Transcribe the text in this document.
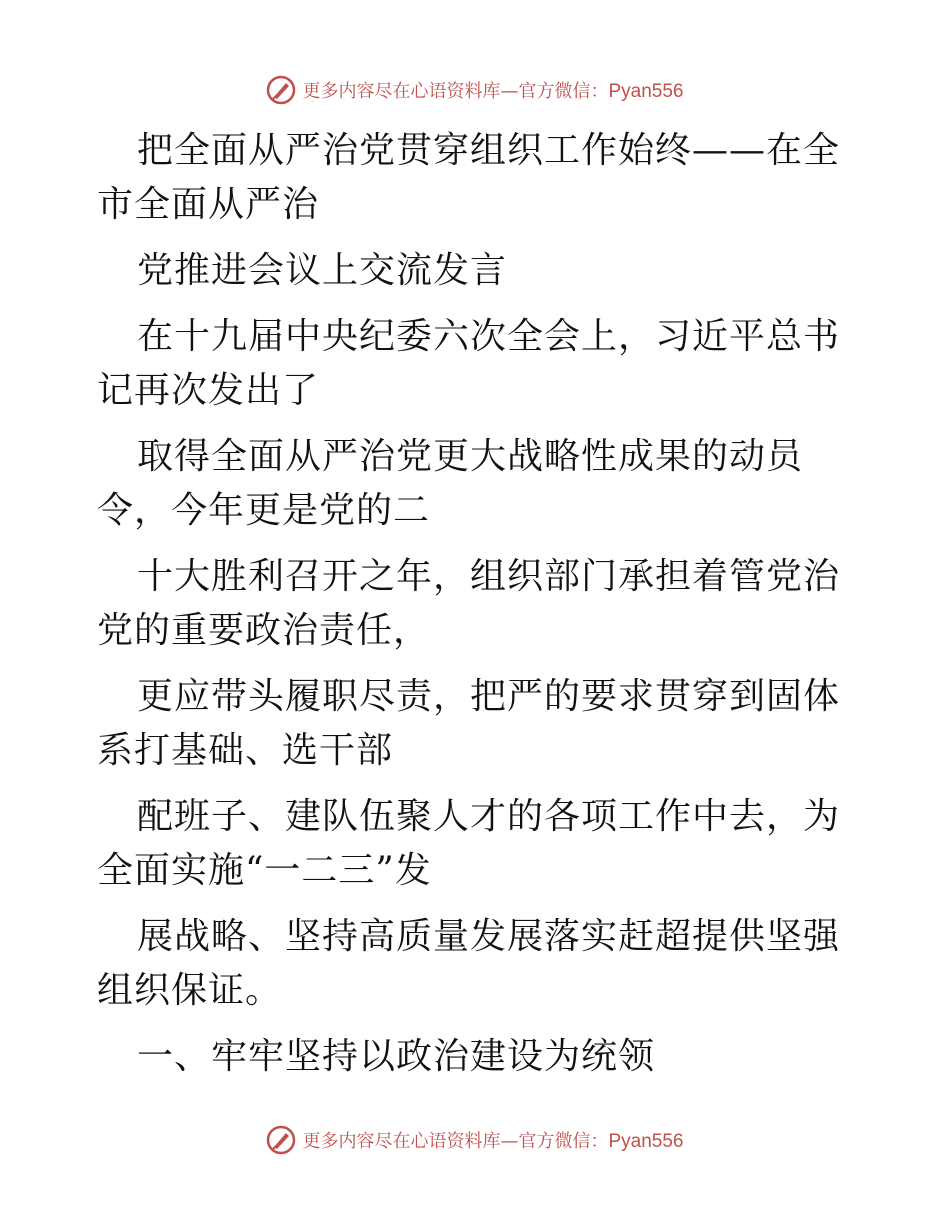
更多内容尽在心语资料库—官方微信：Pyan556

把全面从严治党贯穿组织工作始终——在全市全面从严治

党推进会议上交流发言

在十九届中央纪委六次全会上，习近平总书记再次发出了

取得全面从严治党更大战略性成果的动员令，今年更是党的二

十大胜利召开之年，组织部门承担着管党治党的重要政治责任，

更应带头履职尽责，把严的要求贯穿到固体系打基础、选干部

配班子、建队伍聚人才的各项工作中去，为全面实施“一二三”发

展战略、坚持高质量发展落实赶超提供坚强组织保证。

一、牢牢坚持以政治建设为统领

更多内容尽在心语资料库—官方微信：Pyan556
